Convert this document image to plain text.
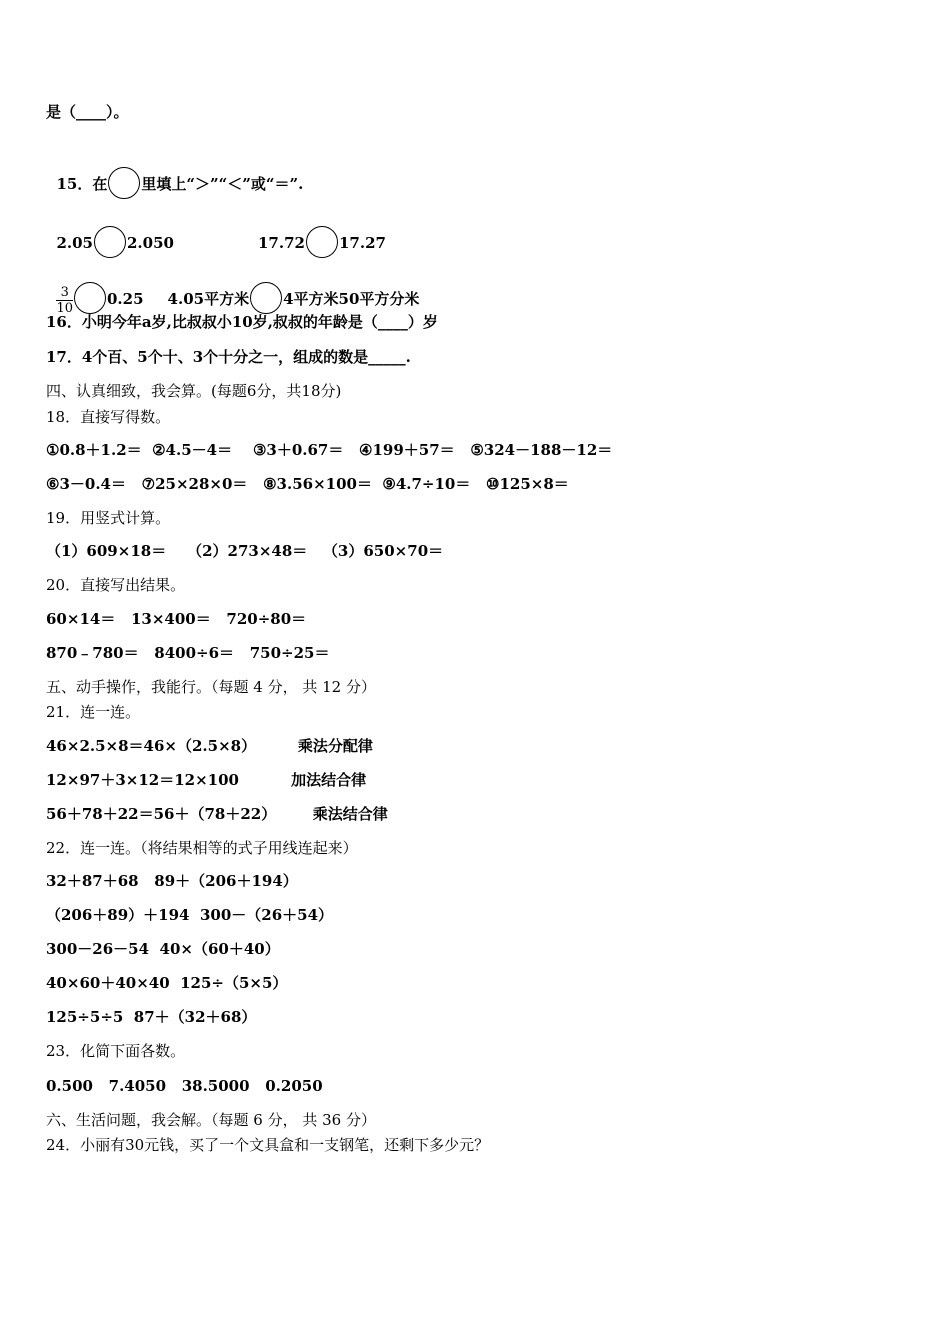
是（____）。

15．在 里填上“＞”“＜”或“＝”.

2.05 2.050	17.72 17.27

$\frac{3}{10} 0.25$ 4.05平方米 4平方米50平方分米

16．小明今年a岁,比叔叔小10岁,叔叔的年龄是（____）岁
17．4个百、5个十、3个十分之一，组成的数是_____.
四、认真细致，我会算。(每题6分，共18分)
18．直接写得数。
①0.8＋1.2＝  ②4.5－4＝    ③3＋0.67＝   ④199＋57＝   ⑤324－188－12＝
⑥3－0.4＝   ⑦25×28×0＝   ⑧3.56×100＝  ⑨4.7÷10＝   ⑩125×8＝
19．用竖式计算。
（1）609×18＝    （2）273×48＝   （3）650×70＝
20．直接写出结果。
60×14＝   13×400＝   720÷80＝
870﹣780＝   8400÷6＝   750÷25＝
五、动手操作，我能行。（每题 4 分， 共 12 分）
21．连一连。
46×2.5×8＝46×（2.5×8）        乘法分配律
12×97＋3×12＝12×100          加法结合律
56＋78＋22＝56＋（78＋22）       乘法结合律
22．连一连。（将结果相等的式子用线连起来）
32＋87＋68   89＋（206＋194）
（206＋89）＋194  300－（26＋54）
300－26－54  40×（60＋40）
40×60＋40×40  125÷（5×5）
125÷5÷5  87＋（32＋68）
23．化简下面各数。
0.500   7.4050   38.5000   0.2050
六、生活问题，我会解。（每题 6 分， 共 36 分）
24．小丽有30元钱，买了一个文具盒和一支钢笔，还剩下多少元？
